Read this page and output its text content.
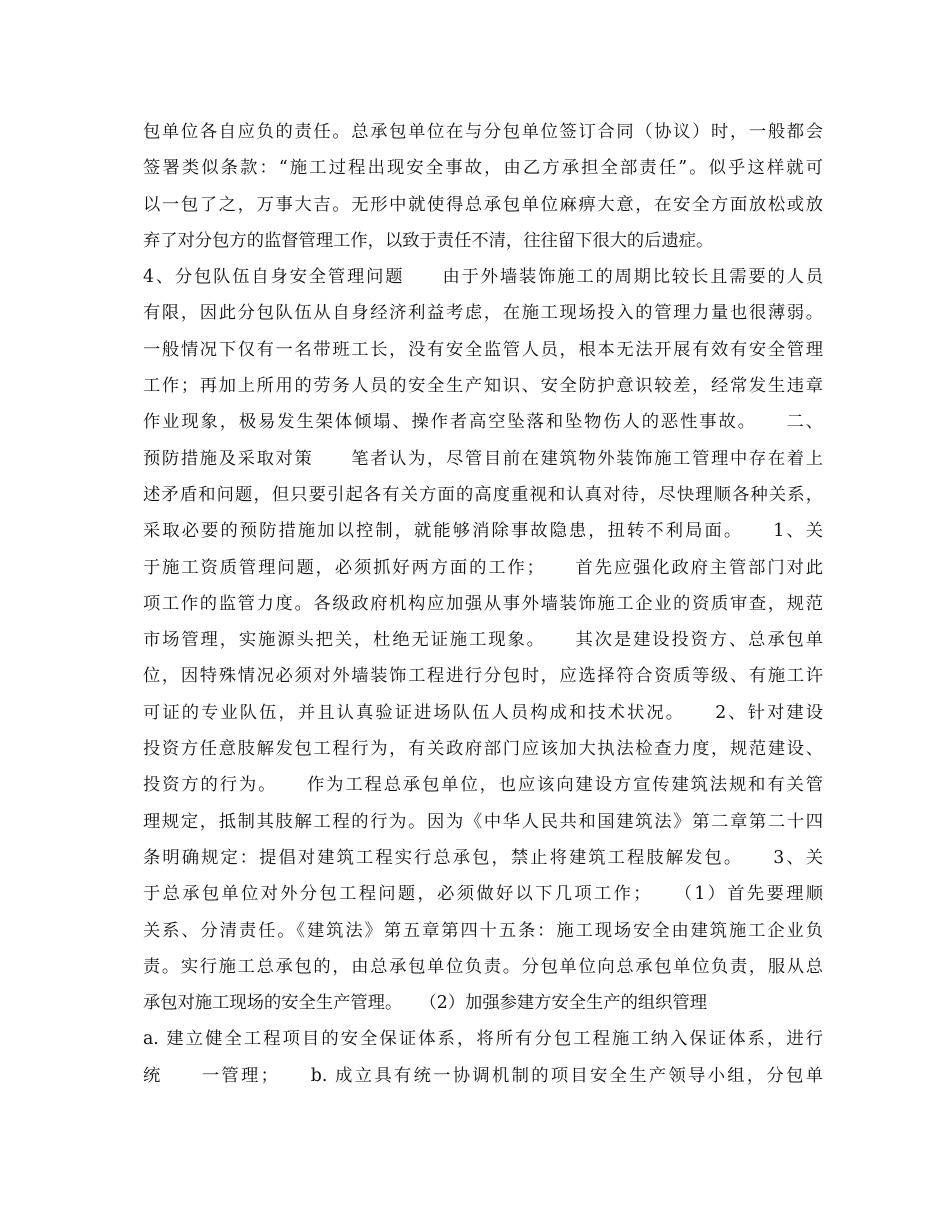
包单位各自应负的责任。总承包单位在与分包单位签订合同（协议）时，一般都会
签署类似条款：“施工过程出现安全事故，由乙方承担全部责任”。似乎这样就可
以一包了之，万事大吉。无形中就使得总承包单位麻痹大意，在安全方面放松或放
弃了对分包方的监督管理工作，以致于责任不清，往往留下很大的后遗症。
4、分包队伍自身安全管理问题　　由于外墙装饰施工的周期比较长且需要的人员
有限，因此分包队伍从自身经济利益考虑，在施工现场投入的管理力量也很薄弱。
一般情况下仅有一名带班工长，没有安全监管人员，根本无法开展有效有安全管理
工作；再加上所用的劳务人员的安全生产知识、安全防护意识较差，经常发生违章
作业现象，极易发生架体倾塌、操作者高空坠落和坠物伤人的恶性事故。　　二、
预防措施及采取对策　　笔者认为，尽管目前在建筑物外装饰施工管理中存在着上
述矛盾和问题，但只要引起各有关方面的高度重视和认真对待，尽快理顺各种关系，
采取必要的预防措施加以控制，就能够消除事故隐患，扭转不利局面。　　1、关
于施工资质管理问题，必须抓好两方面的工作；　　首先应强化政府主管部门对此
项工作的监管力度。各级政府机构应加强从事外墙装饰施工企业的资质审查，规范
市场管理，实施源头把关，杜绝无证施工现象。　　其次是建设投资方、总承包单
位，因特殊情况必须对外墙装饰工程进行分包时，应选择符合资质等级、有施工许
可证的专业队伍，并且认真验证进场队伍人员构成和技术状况。　　2、针对建设
投资方任意肢解发包工程行为，有关政府部门应该加大执法检查力度，规范建设、
投资方的行为。　　作为工程总承包单位，也应该向建设方宣传建筑法规和有关管
理规定，抵制其肢解工程的行为。因为《中华人民共和国建筑法》第二章第二十四
条明确规定：提倡对建筑工程实行总承包，禁止将建筑工程肢解发包。　　3、关
于总承包单位对外分包工程问题，必须做好以下几项工作；　　（1）首先要理顺
关系、分清责任。《建筑法》第五章第四十五条：施工现场安全由建筑施工企业负
责。实行施工总承包的，由总承包单位负责。分包单位向总承包单位负责，服从总
承包对施工现场的安全生产管理。　　（2）加强参建方安全生产的组织管理
a. 建立健全工程项目的安全保证体系，将所有分包工程施工纳入保证体系，进行
统　　一管理；　　b. 成立具有统一协调机制的项目安全生产领导小组，分包单
